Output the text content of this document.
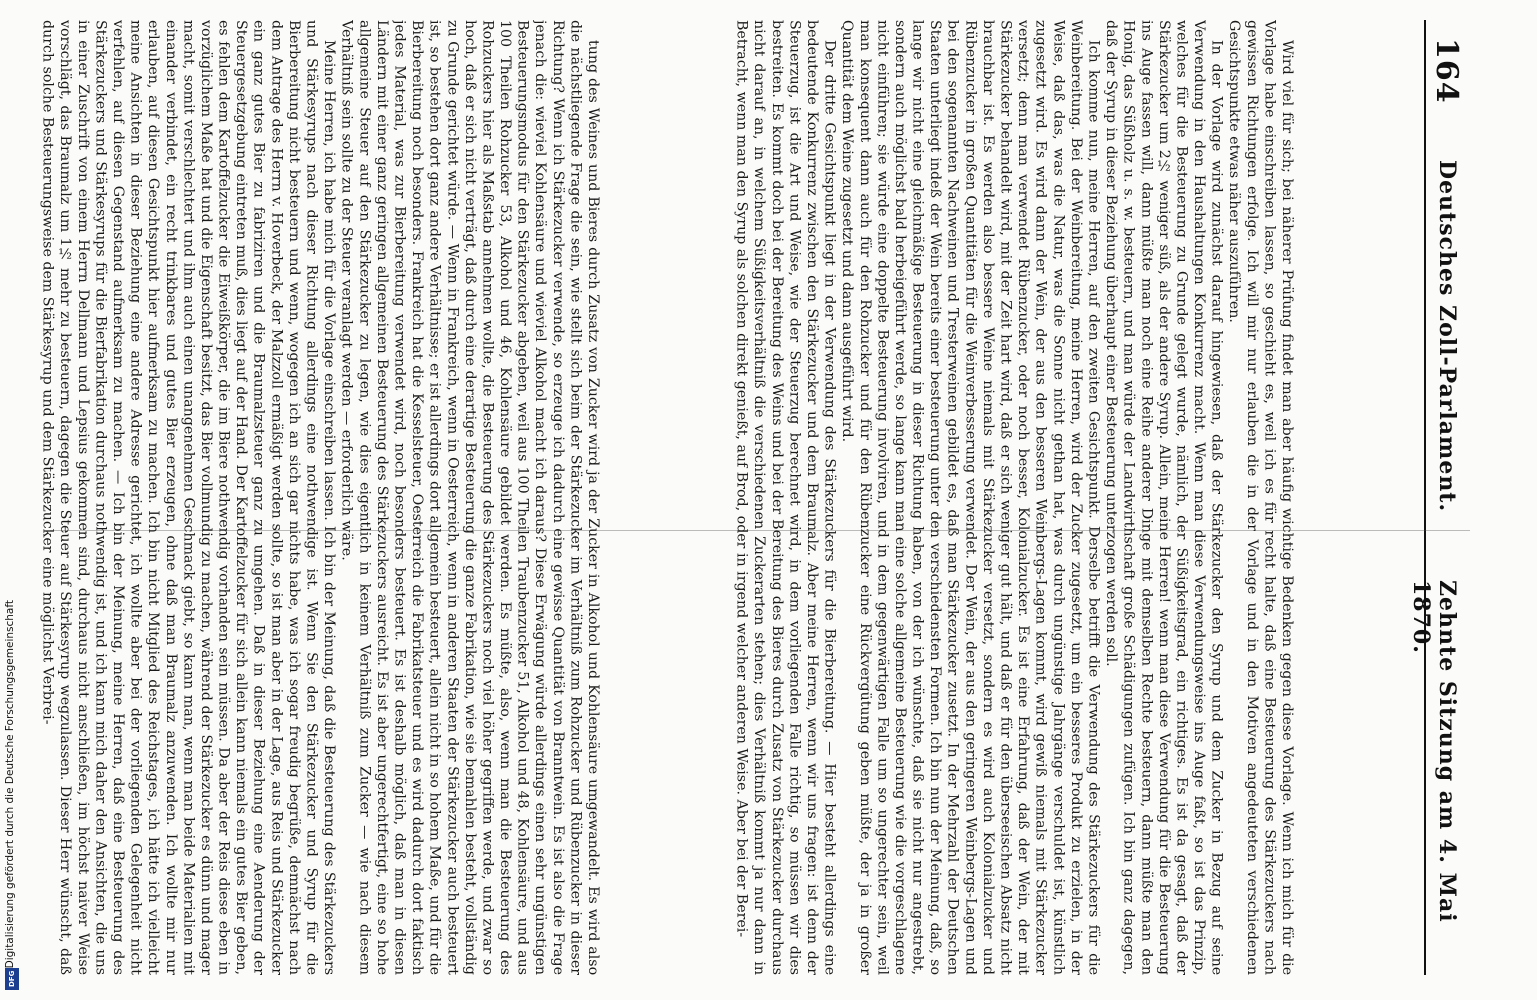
164
Deutsches Zoll-Parlament.
Zehnte Sitzung am 4. Mai 1870.

Wird viel für sich; bei näherer Prüfung findet man aber häufig wichtige Bedenken gegen diese Vorlage. Wenn ich mich für die Vorlage habe einschreiben lassen, so geschieht es, weil ich es für recht halte, daß eine Besteuerung des Stärkezuckers nach gewissen Richtungen erfolge. Ich will mir nur erlauben die in der Vorlage und in den Motiven angedeuteten verschiedenen Gesichtspunkte etwas näher auszuführen.

In der Vorlage wird zunächst darauf hingewiesen, daß der Stärkezucker den Syrup und dem Zucker in Bezug auf seine Verwendung in den Haushaltungen Konkurrenz macht. Wenn man diese Verwendungsweise ins Auge faßt, so ist das Prinzip, welches für die Besteuerung zu Grunde gelegt wurde, nämlich, der Süßigkeitsgrad, ein richtiges. Es ist da gesagt, daß der Stärkezucker um 2½ weniger süß, als der andere Syrup. Allein, meine Herren! wenn man diese Verwendung für die Besteuerung ins Auge fassen will, dann müßte man noch eine Reihe anderer Dinge mit demselben Rechte besteuern, dann müßte man den Honig, das Süßholz u. s. w. besteuern, und man würde der Landwirthschaft große Schädigungen zufügen. Ich bin ganz dagegen, daß der Syrup in dieser Beziehung überhaupt einer Besteuerung unterzogen werden soll.

Ich komme nun, meine Herren, auf den zweiten Gesichtspunkt. Derselbe betrifft die Verwendung des Stärkezuckers für die Weinbereitung. Bei der Weinbereitung, meine Herren, wird der Zucker zugesetzt, um ein besseres Produkt zu erzielen, in der Weise, daß das, was die Natur, was die Sonne nicht gethan hat, was durch ungünstige Jahrgänge verschuldet ist, künstlich zugesetzt wird. Es wird dann der Wein, der aus den besseren Weinbergs-Lagen kommt, wird gewiß niemals mit Stärkezucker versetzt; denn man verwendet Rübenzucker, oder noch besser, Kolonialzucker. Es ist eine Erfahrung, daß der Wein, der mit Stärkezucker behandelt wird, mit der Zeit hart wird, daß er sich weniger gut hält, und daß er für den überseeischen Absatz nicht brauchbar ist. Es werden also bessere Weine niemals mit Stärkezucker versetzt, sondern es wird auch Kolonialzucker und Rübenzucker in großen Quantitäten für die Weinverbesserung verwendet. Der Wein, der aus den geringeren Weinbergs-Lagen und bei den sogenannten Nachweinen und Tresterweinen gebildet es, daß man Stärkezucker zusetzt. In der Mehrzahl der Deutschen Staaten unterliegt indeß der Wein bereits einer besteuerung unter den verschiedensten Formen. Ich bin nun der Meinung, daß, so lange wir nicht eine gleichmäßige Besteuerung in dieser Richtung haben, von der ich wünschte, daß sie nicht nur angestrebt, sondern auch möglichst bald herbeigeführt werde, so lange kann man eine solche allgemeine Besteuerung wie die vorgeschlagene nicht einführen; sie würde eine doppelte Besteuerung involviren, und in dem gegenwärtigen Falle um so ungerechter sein, weil man konsequent dann auch für den Rohzucker und für den Rübenzucker eine Rückvergütung geben müßte, der ja in großer Quantität dem Weine zugesetzt und dann ausgeführt wird.

Der dritte Gesichtspunkt liegt in der Verwendung des Stärkezuckers für die Bierbereitung. — Hier besteht allerdings eine bedeutende Konkurrenz zwischen den Stärkezucker und dem Braumalz. Aber meine Herren, wenn wir uns fragen: ist denn der Steuerzug, ist die Art und Weise, wie der Steuerzug berechnet wird, in dem vorliegenden Falle richtig, so müssen wir dies bestreiten. Es kommt doch bei der Bereitung des Weins und bei der Bereitung des Bieres durch Zusatz von Stärkezucker durchaus nicht darauf an, in welchem Süßigkeitsverhältniß die verschiedenen Zuckerarten stehen; dies Verhältniß kommt ja nur dann in Betracht, wenn man den Syrup als solchen direkt genießt, auf Brod, oder in irgend welcher anderen Weise. Aber bei der Berei-

tung des Weines und Bieres durch Zusatz von Zucker wird ja der Zucker in Alkohol und Kohlensäure umgewandelt. Es wird also die nächstliegende Frage die sein, wie stellt sich beim der Stärkezucker im Verhältniß zum Rohzucker und Rübenzucker in dieser Richtung? Wenn ich Stärkezucker verwende, so erzeuge ich dadurch eine gewisse Quantität von Branntwein. Es ist also die Frage jenach die: wieviel Kohlensäure und wieviel Alkohol macht ich daraus? Diese Erwägung würde allerdings einen sehr ungünstigen Besteuerungsmodus für den Stärkezucker abgeben, weil aus 100 Theilen Traubenzucker 51, Alkohol und 48, Kohlensäure, und aus 100 Theilen Rohzucker 53, Alkohol und 46, Kohlensäure gebildet werden. Es müßte, also, wenn man die Besteuerung des Rohzuckers hier als Maßstab annehmen wollte, die Besteuerung des Stärkezuckers noch viel höher gegriffen werde, und zwar so hoch, daß er sich nicht verträgt, daß durch eine derartige Besteuerung die ganze Fabrikation, wie sie bemahlen besteht, vollständig zu Grunde gerichtet würde. — Wenn in Frankreich, wenn in Oesterreich, wenn in anderen Staaten der Stärkezucker auch besteuert ist, so bestehen dort ganz andere Verhältnisse; er ist allerdings dort allgemein besteuert, allein nicht in so hohem Maße, und für die Bierbereitung noch besonders. Frankreich hat die Kesselsteuer, Oesterreich die Fabrikatsteuer und es wird dadurch dort faktisch jedes Material, was zur Bierbereitung verwendet wird, noch besonders besteuert. Es ist deshalb möglich, daß man in diesen Ländern mit einer ganz geringen allgemeinen Besteuerung des Stärkezuckers ausreicht. Es ist aber ungerechtfertigt, eine so hohe allgemeine Steuer auf den Stärkezucker zu legen, wie dies eigentlich in keinem Verhältniß zum Zucker — wie nach diesem Verhältniß sein sollte zu der Steuer veranlagt werden — erforderlich wäre.

Meine Herren, ich habe mich für die Vorlage einschreiben lassen. Ich bin der Meinung, daß die Besteuerung des Stärkezuckers und Stärkesyrups nach dieser Richtung allerdings eine nothwendige ist. Wenn Sie den Stärkezucker und Syrup für die Bierbereitung nicht besteuern und wenn, wogegen ich an sich gar nichts habe, was ich sogar freudig begrüße, demnächst nach dem Antrage des Herrn v. Hoverbeck, der Malzzoll ermäßigt werden sollte, so ist man aber in der Lage, aus Reis und Stärkezucker ein ganz gutes Bier zu fabriziren und die Braumalzsteuer ganz zu umgehen. Daß in dieser Beziehung eine Aenderung der Steuergesetzgebung eintreten muß, dies liegt auf der Hand. Der Kartoffelzucker für sich allein kann niemals ein gutes Bier geben, es fehlen dem Kartoffelzucker die Eiweißkörper, die im Biere nothwendig vorhanden sein müssen. Da aber der Reis diese eben in vorzüglichem Maße hat und die Eigenschaft besitzt, das Bier vollmundig zu machen, während der Stärkezucker es dünn und mager macht, somit verschlechtert und ihm auch einen unangenehmen Geschmack giebt, so kann man, wenn man beide Materialien mit einander verbindet, ein recht trinkbares und gutes Bier erzeugen, ohne daß man Braumalz anzuwenden. Ich wollte mir nur erlauben, auf diesen Gesichtspunkt hier aufmerksam zu machen. Ich bin nicht Mitglied des Reichstages, ich hätte ich vielleicht meine Ansichten in dieser Beziehung eine andere Adresse gerichtet, ich wollte aber bei der vorliegenden Gelegenheit nicht verfehlen, auf diesen Gegenstand aufmerksam zu machen. — Ich bin der Meinung, meine Herren, daß eine Besteuerung des Stärkezuckers und Stärkesyrups für die Bierfabrikation durchaus nothwendig ist, und ich kann mich daher den Ansichten, die uns in einer Zuschrift von einem Herrn Dellmann und Lepsius gekommen sind, durchaus nicht anschließen, im höchst naiver Weise vorschlägt, das Braumalz um 1½ mehr zu besteuern, dagegen die Steuer auf Stärkesyrup wegzulassen. Dieser Herr wünscht, daß durch solche Besteuerungsweise dem Stärkesyrup und dem Stärkezucker eine möglichst Verbrei-

Digitalisierung gefördert durch die Deutsche Forschungsgemeinschaft
DFG
